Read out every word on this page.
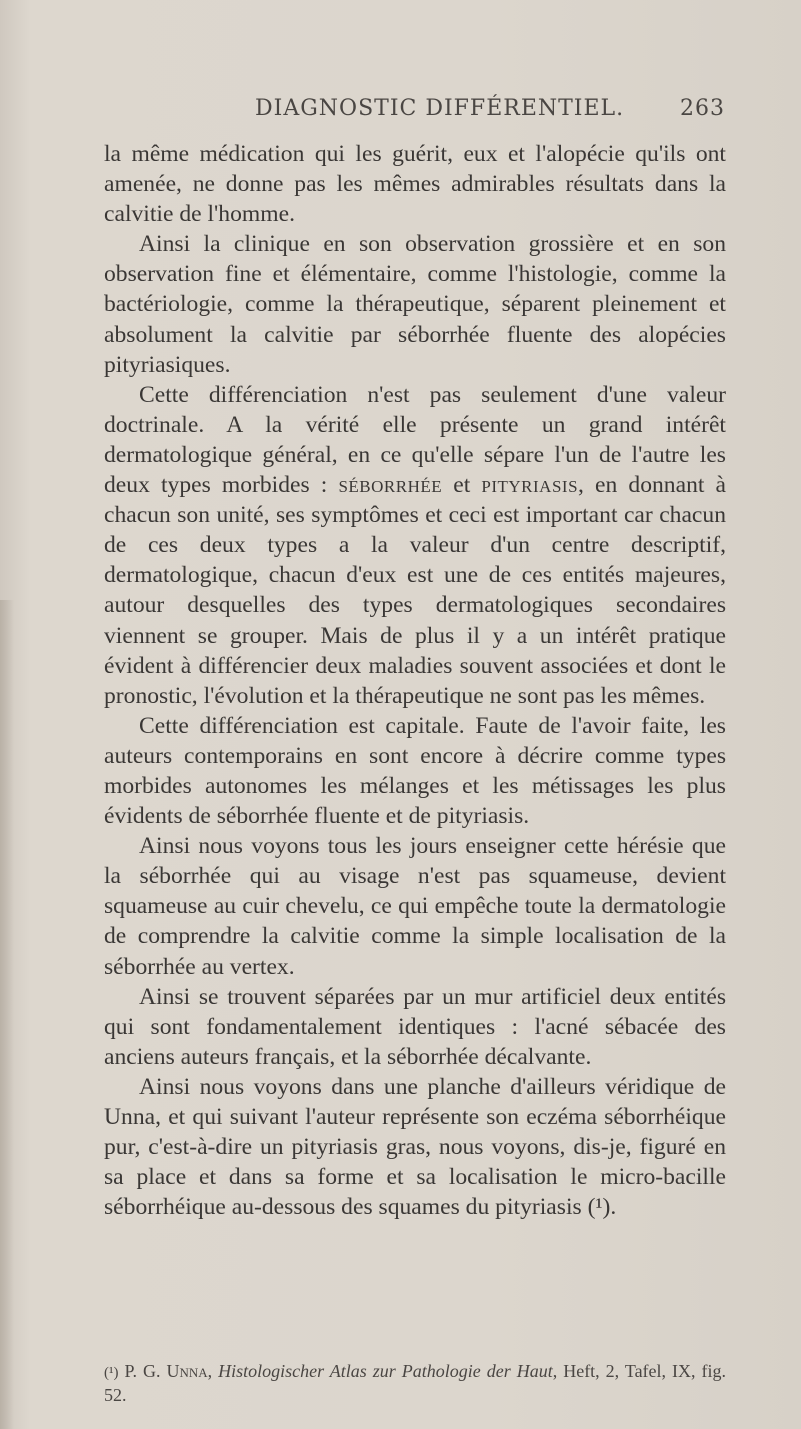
DIAGNOSTIC DIFFÉRENTIEL.	263

la même médication qui les guérit, eux et l'alopécie qu'ils ont amenée, ne donne pas les mêmes admirables résultats dans la calvitie de l'homme.

Ainsi la clinique en son observation grossière et en son observation fine et élémentaire, comme l'histologie, comme la bactériologie, comme la thérapeutique, séparent pleinement et absolument la calvitie par séborrhée fluente des alopécies pityriasiques.

Cette différenciation n'est pas seulement d'une valeur doctrinale. A la vérité elle présente un grand intérêt dermatologique général, en ce qu'elle sépare l'un de l'autre les deux types morbides : séborrhée et pityriasis, en donnant à chacun son unité, ses symptômes et ceci est important car chacun de ces deux types a la valeur d'un centre descriptif, dermatologique, chacun d'eux est une de ces entités majeures, autour desquelles des types dermatologiques secondaires viennent se grouper. Mais de plus il y a un intérêt pratique évident à différencier deux maladies souvent associées et dont le pronostic, l'évolution et la thérapeutique ne sont pas les mêmes.

Cette différenciation est capitale. Faute de l'avoir faite, les auteurs contemporains en sont encore à décrire comme types morbides autonomes les mélanges et les métissages les plus évidents de séborrhée fluente et de pityriasis.

Ainsi nous voyons tous les jours enseigner cette hérésie que la séborrhée qui au visage n'est pas squameuse, devient squameuse au cuir chevelu, ce qui empêche toute la dermatologie de comprendre la calvitie comme la simple localisation de la séborrhée au vertex.

Ainsi se trouvent séparées par un mur artificiel deux entités qui sont fondamentalement identiques : l'acné sébacée des anciens auteurs français, et la séborrhée décalvante.

Ainsi nous voyons dans une planche d'ailleurs véridique de Unna, et qui suivant l'auteur représente son eczéma séborrhéique pur, c'est-à-dire un pityriasis gras, nous voyons, dis-je, figuré en sa place et dans sa forme et sa localisation le micro-bacille séborrhéique au-dessous des squames du pityriasis (¹).

(¹) P. G. Unna, Histologischer Atlas zur Pathologie der Haut, Heft, 2, Tafel, IX, fig. 52.
